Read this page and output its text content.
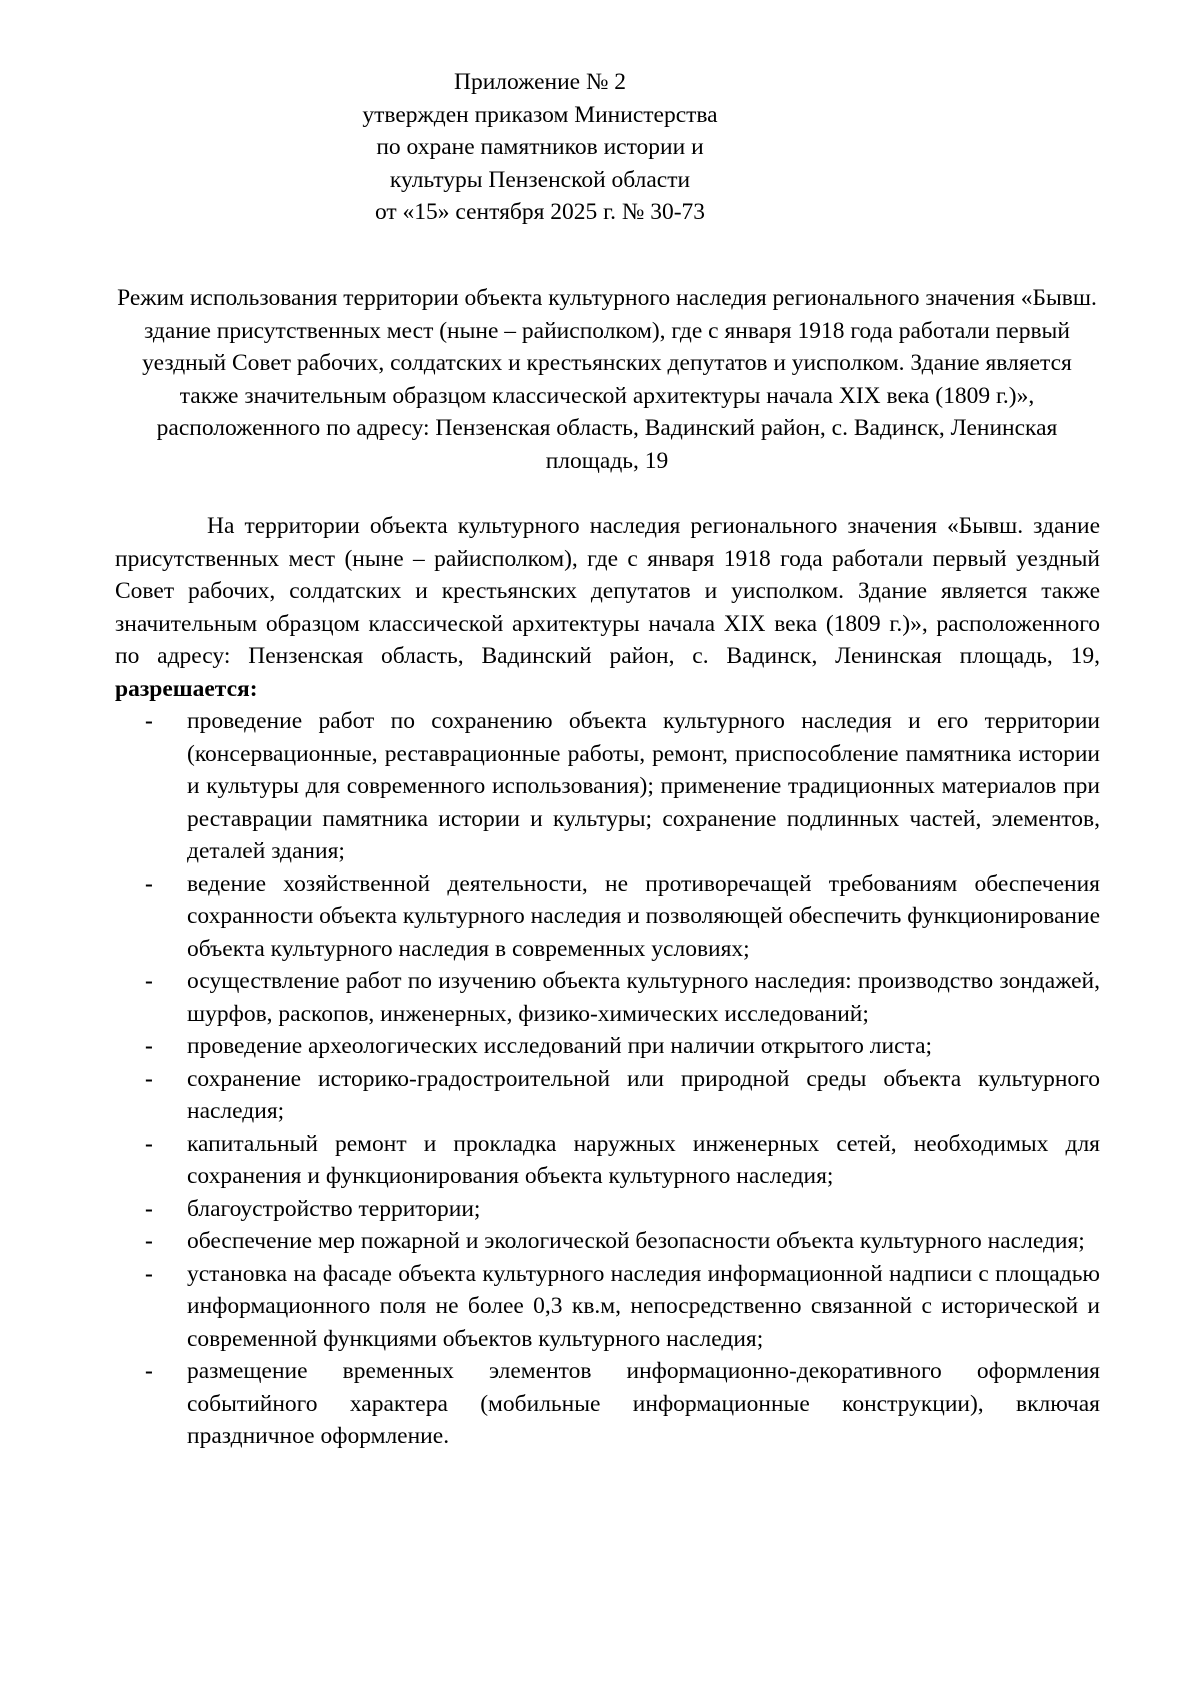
Приложение № 2
утвержден приказом Министерства
по охране памятников истории и
культуры Пензенской области
от «15» сентября 2025 г. № 30-73
Режим использования территории объекта культурного наследия регионального значения «Бывш. здание присутственных мест (ныне – райисполком), где с января 1918 года работали первый уездный Совет рабочих, солдатских и крестьянских депутатов и уисполком. Здание является также значительным образцом классической архитектуры начала XIX века (1809 г.)», расположенного по адресу: Пензенская область, Вадинский район, с. Вадинск, Ленинская площадь, 19

На территории объекта культурного наследия регионального значения «Бывш. здание присутственных мест (ныне – райисполком), где с января 1918 года работали первый уездный Совет рабочих, солдатских и крестьянских депутатов и уисполком. Здание является также значительным образцом классической архитектуры начала XIX века (1809 г.)», расположенного по адресу: Пензенская область, Вадинский район, с. Вадинск, Ленинская площадь, 19, разрешается:

- проведение работ по сохранению объекта культурного наследия и его территории (консервационные, реставрационные работы, ремонт, приспособление памятника истории и культуры для современного использования); применение традиционных материалов при реставрации памятника истории и культуры; сохранение подлинных частей, элементов, деталей здания;
- ведение хозяйственной деятельности, не противоречащей требованиям обеспечения сохранности объекта культурного наследия и позволяющей обеспечить функционирование объекта культурного наследия в современных условиях;
- осуществление работ по изучению объекта культурного наследия: производство зондажей, шурфов, раскопов, инженерных, физико-химических исследований;
- проведение археологических исследований при наличии открытого листа;
- сохранение историко-градостроительной или природной среды объекта культурного наследия;
- капитальный ремонт и прокладка наружных инженерных сетей, необходимых для сохранения и функционирования объекта культурного наследия;
- благоустройство территории;
- обеспечение мер пожарной и экологической безопасности объекта культурного наследия;
- установка на фасаде объекта культурного наследия информационной надписи с площадью информационного поля не более 0,3 кв.м, непосредственно связанной с исторической и современной функциями объектов культурного наследия;
- размещение временных элементов информационно-декоративного оформления событийного характера (мобильные информационные конструкции), включая праздничное оформление.
